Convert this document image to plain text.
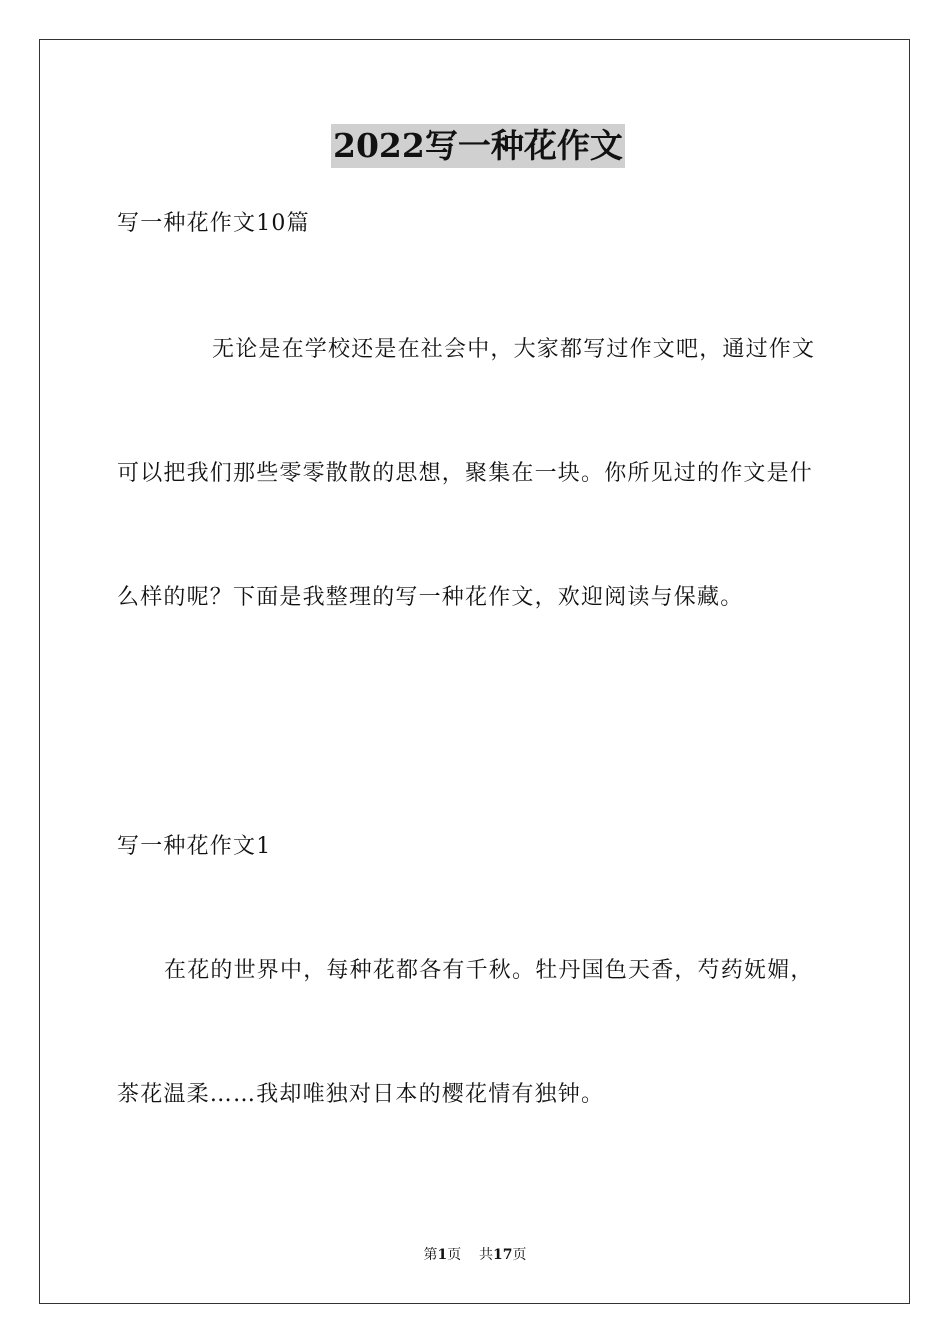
2022写一种花作文
写一种花作文10篇
无论是在学校还是在社会中，大家都写过作文吧，通过作文
可以把我们那些零零散散的思想，聚集在一块。你所见过的作文是什
么样的呢？下面是我整理的写一种花作文，欢迎阅读与保藏。
写一种花作文1
在花的世界中，每种花都各有千秋。牡丹国色天香，芍药妩媚，
茶花温柔……我却唯独对日本的樱花情有独钟。
第1页 共17页
